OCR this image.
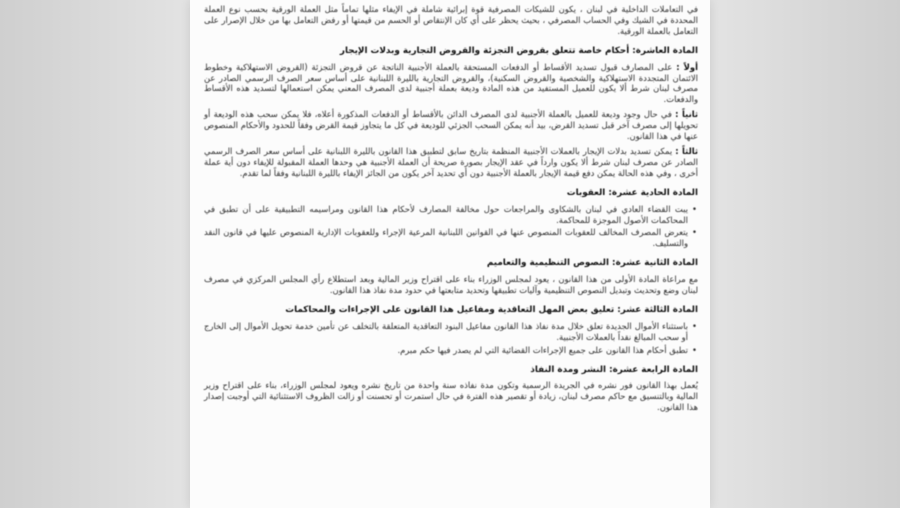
في التعاملات الداخلية في لبنان ، يكون للشيكات المصرفية قوة إبرائية شاملة في الإيفاء مثلها تماماً مثل العملة الورقية بحسب نوع العملة المحددة في الشيك وفي الحساب المصرفي ، بحيث يحظر على أي كان الإنتقاص أو الحسم من قيمتها أو رفض التعامل بها من خلال الإصرار على التعامل بالعملة الورقية.

المادة العاشرة: أحكام خاصة تتعلق بقروض التجزئة والقروض التجارية وبدلات الإيجار

أولاً : على المصارف قبول تسديد الأقساط أو الدفعات المستحقة بالعملة الأجنبية الناتجة عن قروض التجزئة (القروض الاستهلاكية وخطوط الائتمان المتجددة الاستهلاكية والشخصية والقروض السكنية)، والقروض التجارية بالليرة اللبنانية على أساس سعر الصرف الرسمي الصادر عن مصرف لبنان شرط ألا يكون للعميل المستفيد من هذه المادة وديعة بعملة أجنبية لدى المصرف المعني يمكن استعمالها لتسديد هذه الأقساط والدفعات.

ثانياً : في حال وجود وديعة للعميل بالعملة الأجنبية لدى المصرف الدائن بالأقساط أو الدفعات المذكورة أعلاه، فلا يمكن سحب هذه الوديعة أو تحويلها إلى مصرف آخر قبل تسديد القرض، بيد أنه يمكن السحب الجزئي للوديعة في كل ما يتجاوز قيمة القرض وفقاً للحدود والأحكام المنصوص عنها في هذا القانون.

ثالثاً : يمكن تسديد بدلات الإيجار بالعملات الأجنبية المنظمة بتاريخ سابق لتطبيق هذا القانون بالليرة اللبنانية على أساس سعر الصرف الرسمي الصادر عن مصرف لبنان شرط ألا يكون وارداً في عقد الإيجار بصورة صريحة أن العملة الأجنبية هي وحدها العملة المقبولة للإيفاء دون أية عملة أخرى ، وفي هذه الحالة يمكن دفع قيمة الإيجار بالعملة الأجنبية دون أي تحديد آخر يكون من الجائز الإيفاء بالليرة اللبنانية وفقاً لما تقدم.

المادة الحادية عشرة: العقوبات
• يبت القضاء العادي في لبنان بالشكاوى والمراجعات حول مخالفة المصارف لأحكام هذا القانون ومراسيمه التطبيقية على أن تطبق في المحاكمات الأصول الموجزة للمحاكمة.
• يتعرض المصرف المخالف للعقوبات المنصوص عنها في القوانين اللبنانية المرعية الإجراء وللعقوبات الإدارية المنصوص عليها في قانون النقد والتسليف.
المادة الثانية عشرة: النصوص التنظيمية والتعاميم

مع مراعاة المادة الأولى من هذا القانون ، يعود لمجلس الوزراء بناء على اقتراح وزير المالية وبعد استطلاع رأي المجلس المركزي في مصرف لبنان وضع وتحديث وتبديل النصوص التنظيمية وآليات تطبيقها وتحديد متابعتها في حدود مدة نفاذ هذا القانون.

المادة الثالثة عشر: تعليق بعض المهل التعاقدية ومفاعيل هذا القانون على الإجراءات والمحاكمات
• باستثناء الأموال الجديدة تعلق خلال مدة نفاذ هذا القانون مفاعيل البنود التعاقدية المتعلقة بالتخلف عن تأمين خدمة تحويل الأموال إلى الخارج أو سحب المبالغ نقداً بالعملات الأجنبية.
• تطبق أحكام هذا القانون على جميع الإجراءات القضائية التي لم يصدر فيها حكم مبرم.
المادة الرابعة عشرة: النشر ومدة النفاذ

يُعمل بهذا القانون فور نشره في الجريدة الرسمية وتكون مدة نفاذه سنة واحدة من تاريخ نشره ويعود لمجلس الوزراء، بناء على اقتراح وزير المالية وبالتنسيق مع حاكم مصرف لبنان، زيادة أو تقصير هذه الفترة في حال استمرت أو تحسنت أو زالت الظروف الاستثنائية التي أوجبت إصدار هذا القانون.
